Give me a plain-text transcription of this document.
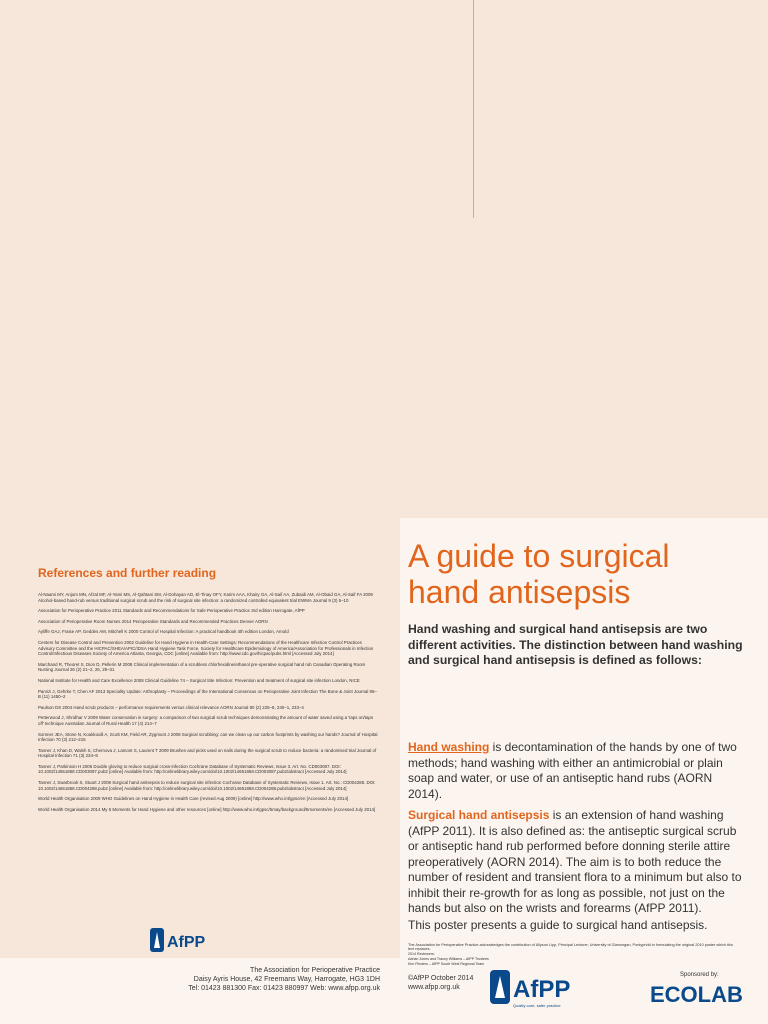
References and further reading

Al-Naami MY, Anjum MN, Afzal MF, Al-Yami MS, Al-Qahtani SM, Al-Dohayan AD, El-Tinay OFY, Karim AAA, Khairy GA, Al-Saif AA, Zubaidi AM, Al-Obaid GA, Al-Saif FA 2009 Alcohol-based hand-rub versus traditional surgical scrub and the risk of surgical site infection: a randomized controlled equivalent trial EWMA Journal 9 (3) 5–10

Association for Perioperative Practice 2011 Standards and Recommendations for Safe Perioperative Practice 3rd edition Harrogate, AfPP

Association of Perioperative Room Nurses 2014 Perioperative Standards and Recommended Practices Denver AORN

Ayliffe GAJ, Fraise AP, Geddes AM, Mitchell K 2000 Control of Hospital Infection: A practical handbook 4th edition London, Arnold

Centers for Disease Control and Prevention 2002 Guideline for Hand Hygiene in Health-Care Settings: Recommendations of the Healthcare Infection Control Practices Advisory Committee and the HICPAC/SHEA/APIC/IDSA Hand Hygiene Task Force. Society for Healthcare Epidemiology of America/Association for Professionals in Infection Control/Infectious Diseases Society of America Atlanta, Georgia, CDC [online] Available from: http://www.cdc.gov/hicpac/pubs.html [Accessed July 2014]

Marchand R, Theoret S, Dion D, Pellerin M 2008 Clinical implementation of a scrubless chlorhexidine/ethanol pre-operative surgical hand rub Canadian Operating Room Nursing Journal 26 (2) 21–2, 26, 29–31

National Institute for Health and Care Excellence 2008 Clinical Guideline 74 – Surgical Site Infection: Prevention and treatment of surgical site infection London, NICE

Parvizi J, Gehrke T, Chen AF 2013 Speciality Update: Arthroplasty – Proceedings of the International Consensus on Perioperative Joint Infection The Bone & Joint Journal 95–B (11) 1450–2

Paulson DS 2004 Hand scrub products – performance requirements versus clinical relevance AORN Journal 80 (2) 225–8, 230–1, 233–4

Petterwood J, Shridhar V 2009 Water conservation in surgery: a comparison of two surgical scrub techniques demonstrating the amount of water saved using a 'taps on/taps off' technique Australian Journal of Rural Health 17 (4) 214–7

Somner JEA, Stone N, Koukkoulli A, Scott KM, Field AR, Zygmunt J 2008 Surgical scrubbing: can we clean up our carbon footprints by washing our hands? Journal of Hospital Infection 70 (3) 212–215

Tanner J, Khan D, Walsh S, Chernova J, Lamont S, Laurent T 2009 Brushes and picks used on nails during the surgical scrub to reduce bacteria: a randomised trial Journal of Hospital Infection 71 (3) 234–8

Tanner J, Parkinson H 2006 Double gloving to reduce surgical cross-infection Cochrane Database of Systematic Reviews, Issue 3. Art. No. CD003087. DOI: 10.1002/14651858.CD003087.pub2 [online] Available from: http://onlinelibrary.wiley.com/doi/10.1002/14651858.CD003087.pub2/abstract [Accessed July 2014]

Tanner J, Swarbrook S, Stuart J 2008 Surgical hand antisepsis to reduce surgical site infection Cochrane Database of Systematic Reviews, Issue 1. Art. No.: CD004288. DOI: 10.1002/14651858.CD004288.pub2 [online] Available from: http://onlinelibrary.wiley.com/doi/10.1002/14651858.CD004288.pub2/abstract [Accessed July 2014]

World Health Organisation 2009 WHO Guidelines on Hand Hygiene in Health Care (revised Aug 2009) [online] http://www.who.int/gpsc/en [Accessed July 2014]

World Health Organisation 2014 My 5 Moments for Hand Hygiene and other resources [online] http://www.who.int/gpsc/5may/background/5moments/en [Accessed July 2014]

AfPP
A guide to surgical hand antisepsis

Hand washing and surgical hand antisepsis are two different activities. The distinction between hand washing and surgical hand antisepsis is defined as follows:

Hand washing is decontamination of the hands by one of two methods; hand washing with either an antimicrobial or plain soap and water, or use of an antiseptic hand rubs (AORN 2014).

Surgical hand antisepsis is an extension of hand washing (AfPP 2011). It is also defined as: the antiseptic surgical scrub or antiseptic hand rub performed before donning sterile attire preoperatively (AORN 2014). The aim is to both reduce the number of resident and transient flora to a minimum but also to inhibit their re-growth for as long as possible, not just on the hands but also on the wrists and forearms (AfPP 2011).

This poster presents a guide to surgical hand antisepsis.

The Association for Perioperative Practice acknowledges the contribution of Allyson Lipp, Principal Lecturer, University of Glamorgan, Pontypridd in formulating the original 2010 poster which this text replaces.

2014 Reviewers:

Adrian Jones and Tracey Williams – AfPP Trustees

Kim Flinders – AfPP South West Regional Team

The Association for Perioperative Practice
Daisy Ayris House, 42 Freemans Way, Harrogate, HG3 1DH
Tel: 01423 881300 Fax: 01423 880997 Web: www.afpp.org.uk
©AfPP October 2014
www.afpp.org.uk	AfPP
Quality care, safer practice
Sponsored by:
ECOLAB
